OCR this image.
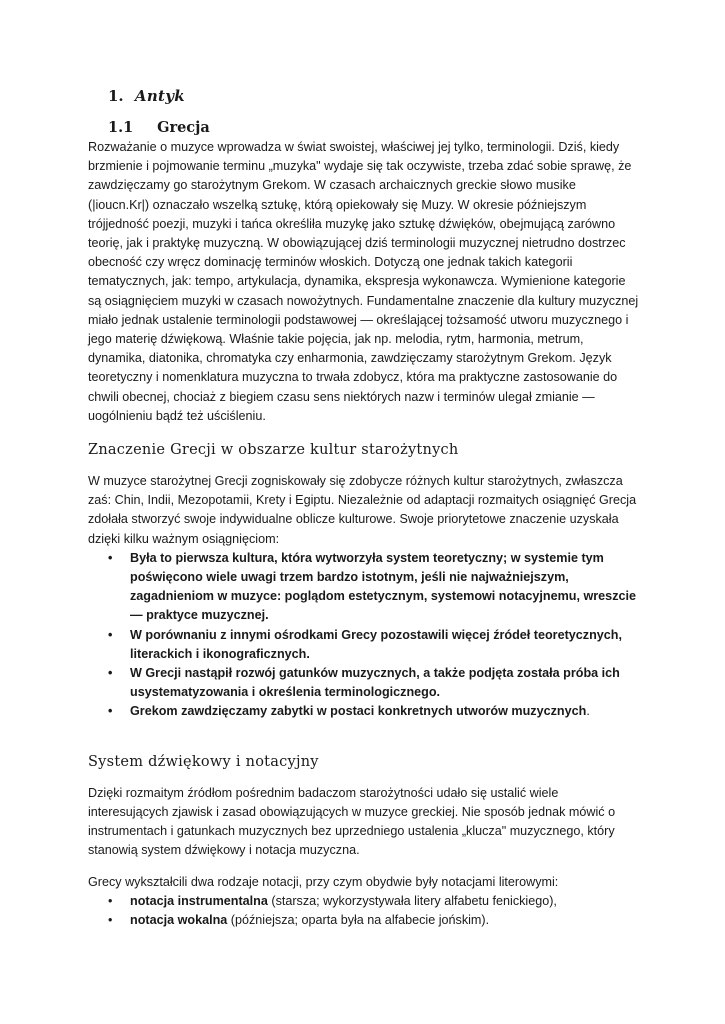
1. Antyk
1.1 Grecja

Rozważanie o muzyce wprowadza w świat swoistej, właściwej jej tylko, terminologii. Dziś, kiedy brzmienie i pojmowanie terminu „muzyka" wydaje się tak oczywiste, trzeba zdać sobie sprawę, że zawdzięczamy go starożytnym Grekom. W czasach archaicznych greckie słowo musike (|ioucn.Kr|) oznaczało wszelką sztukę, którą opiekowały się Muzy. W okresie późniejszym trójjedność poezji, muzyki i tańca określiła muzykę jako sztukę dźwięków, obejmującą zarówno teorię, jak i praktykę muzyczną. W obowiązującej dziś terminologii muzycznej nietrudno dostrzec obecność czy wręcz dominację terminów włoskich. Dotyczą one jednak takich kategorii tematycznych, jak: tempo, artykulacja, dynamika, ekspresja wykonawcza. Wymienione kategorie są osiągnięciem muzyki w czasach nowożytnych. Fundamentalne znaczenie dla kultury muzycznej miało jednak ustalenie terminologii podstawowej — określającej tożsamość utworu muzycznego i jego materię dźwiękową. Właśnie takie pojęcia, jak np. melodia, rytm, harmonia, metrum, dynamika, diatonika, chromatyka czy enharmonia, zawdzięczamy starożytnym Grekom. Język teoretyczny i nomenklatura muzyczna to trwała zdobycz, która ma praktyczne zastosowanie do chwili obecnej, chociaż z biegiem czasu sens niektórych nazw i terminów ulegał zmianie — uogólnieniu bądź też uściśleniu.

Znaczenie Grecji w obszarze kultur starożytnych

W muzyce starożytnej Grecji zogniskowały się zdobycze różnych kultur starożytnych, zwłaszcza zaś: Chin, Indii, Mezopotamii, Krety i Egiptu. Niezależnie od adaptacji rozmaitych osiągnięć Grecja zdołała stworzyć swoje indywidualne oblicze kulturowe. Swoje priorytetowe znaczenie uzyskała dzięki kilku ważnym osiągnięciom:

• Była to pierwsza kultura, która wytworzyła system teoretyczny; w systemie tym poświęcono wiele uwagi trzem bardzo istotnym, jeśli nie najważniejszym, zagadnieniom w muzyce: poglądom estetycznym, systemowi notacyjnemu, wreszcie — praktyce muzycznej.
• W porównaniu z innymi ośrodkami Grecy pozostawili więcej źródeł teoretycznych, literackich i ikonograficznych.
• W Grecji nastąpił rozwój gatunków muzycznych, a także podjęta została próba ich usystematyzowania i określenia terminologicznego.
• Grekom zawdzięczamy zabytki w postaci konkretnych utworów muzycznych.
System dźwiękowy i notacyjny

Dzięki rozmaitym źródłom pośrednim badaczom starożytności udało się ustalić wiele interesujących zjawisk i zasad obowiązujących w muzyce greckiej. Nie sposób jednak mówić o instrumentach i gatunkach muzycznych bez uprzedniego ustalenia „klucza" muzycznego, który stanowią system dźwiękowy i notacja muzyczna.

Grecy wykształcili dwa rodzaje notacji, przy czym obydwie były notacjami literowymi:

• notacja instrumentalna (starsza; wykorzystywała litery alfabetu fenickiego),
• notacja wokalna (późniejsza; oparta była na alfabecie jońskim).
